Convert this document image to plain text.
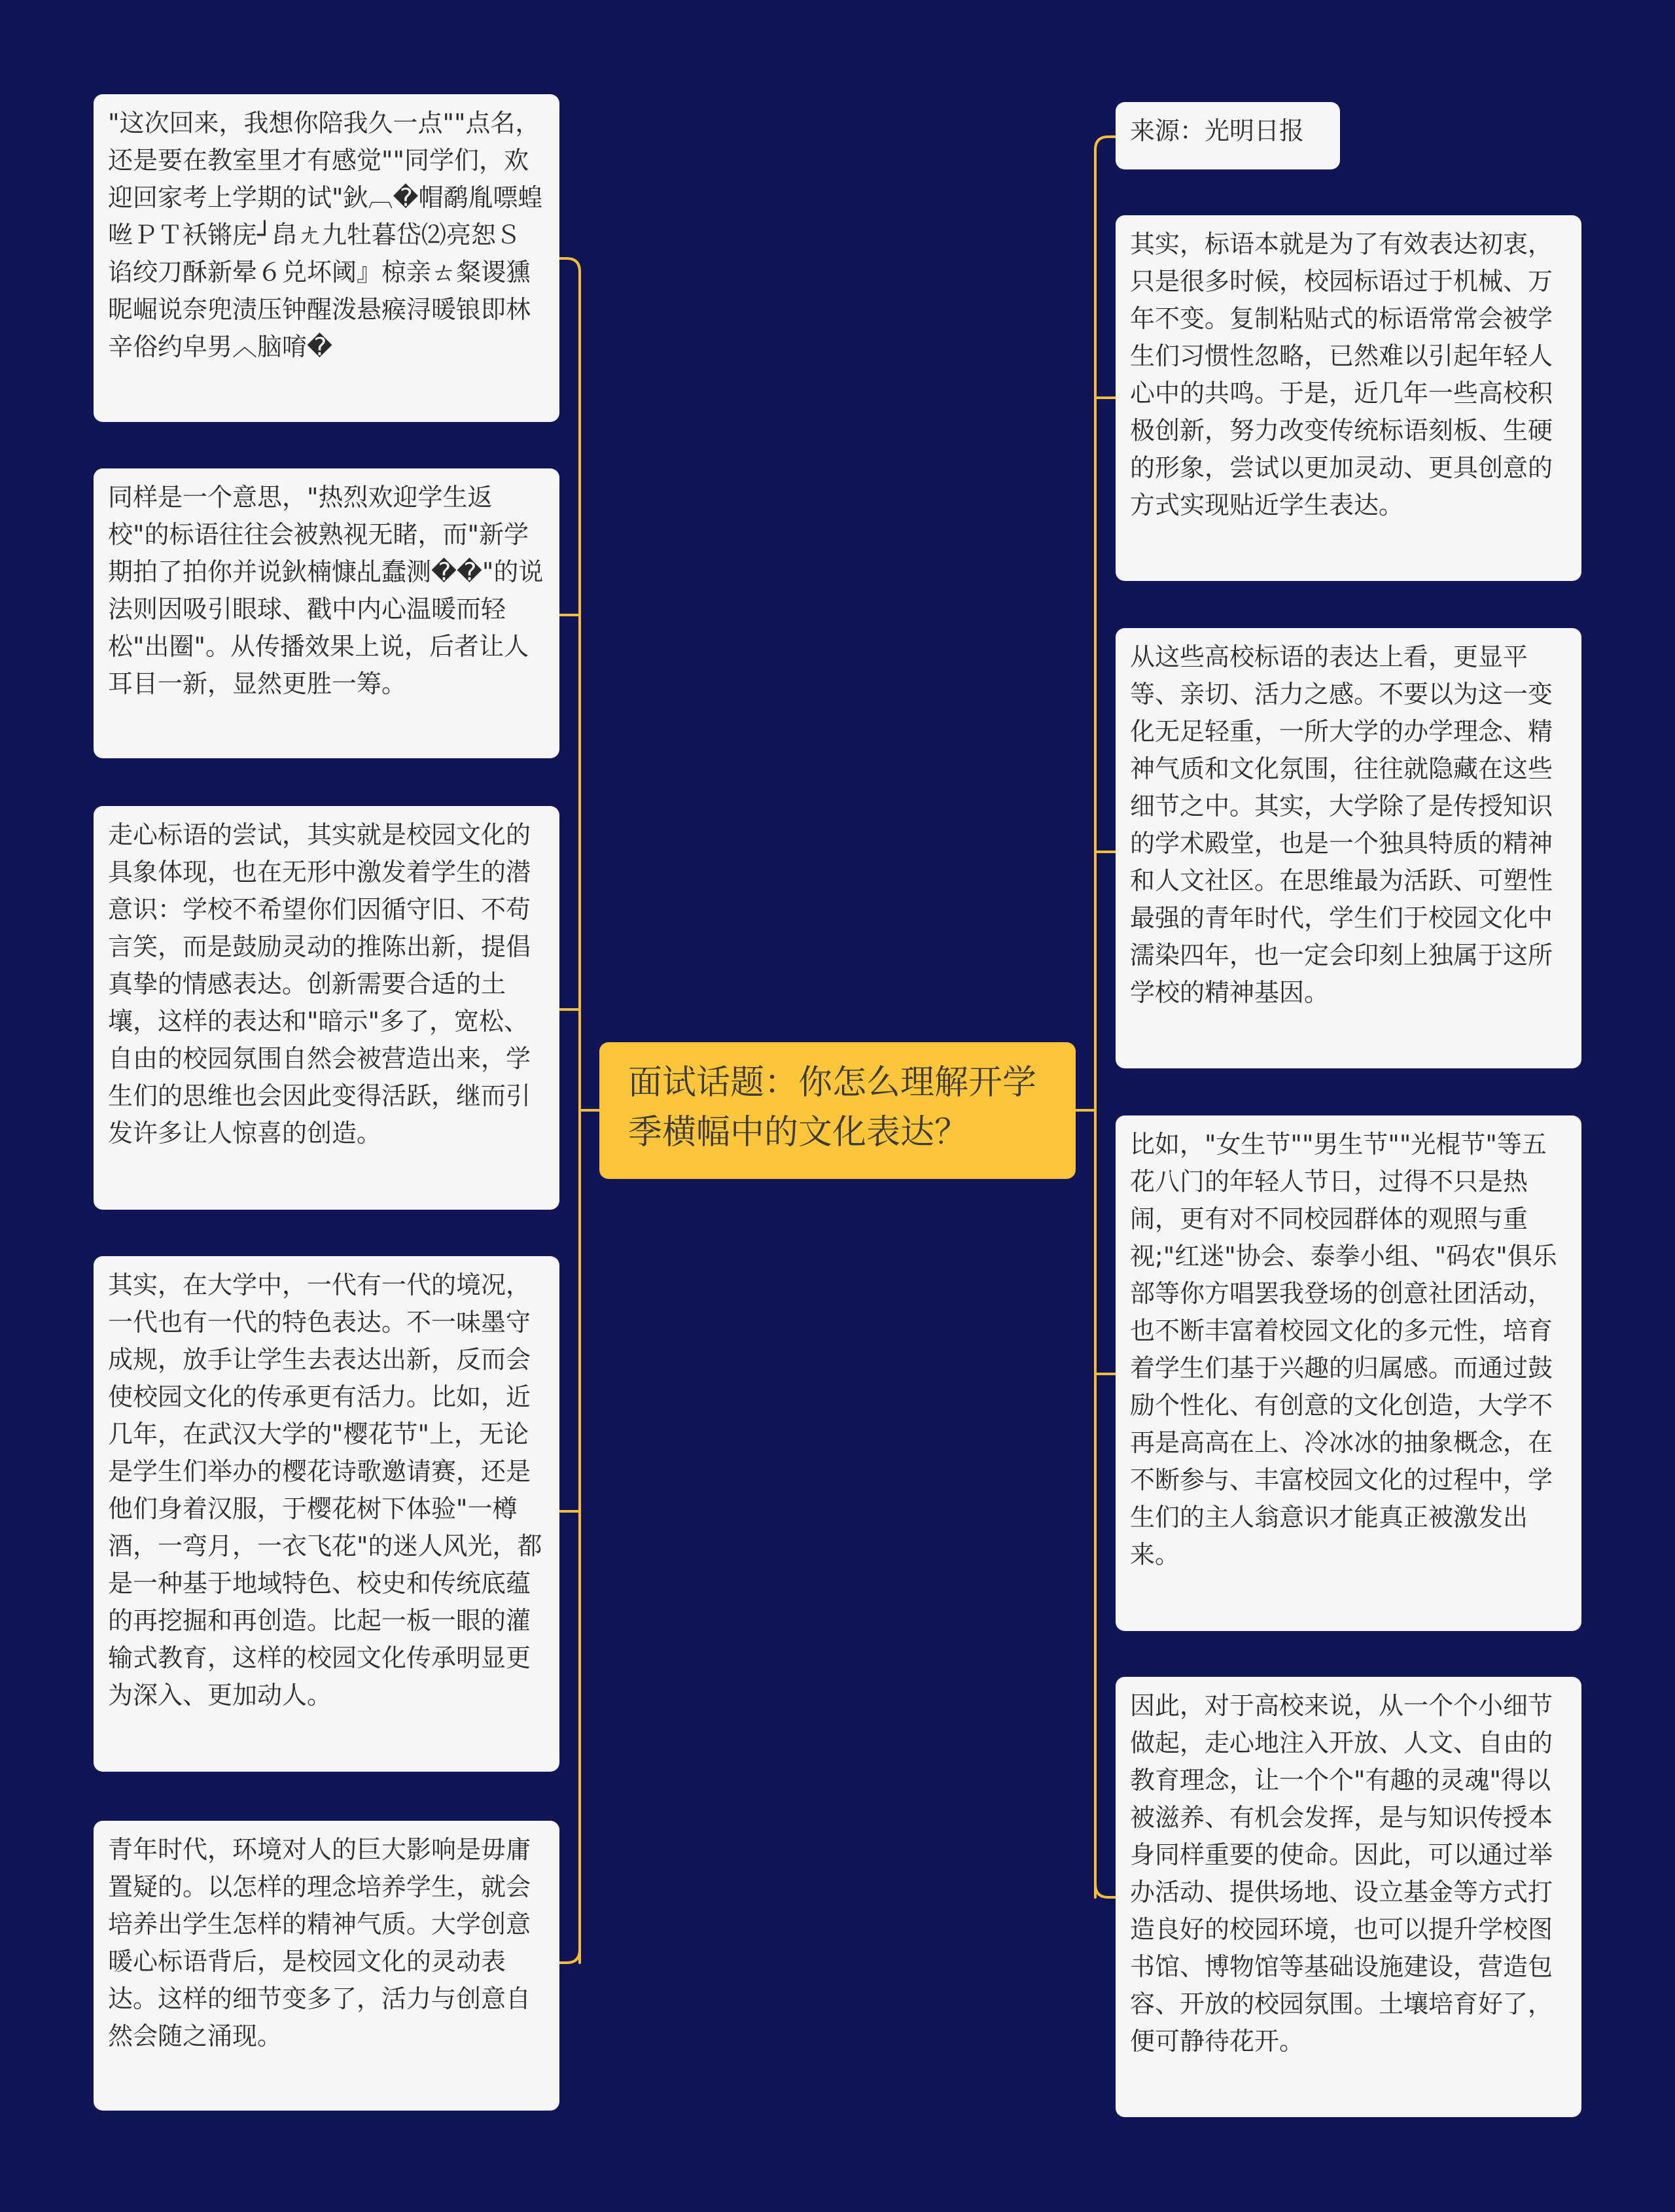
面试话题：你怎么理解开学季横幅中的文化表达？
"这次回来，我想你陪我久一点""点名，还是要在教室里才有感觉""同学们，欢迎回家考上学期的试"鈥︹�帽鹬胤嘌蝗咝ＰＴ袄锵庑┘皍ㄤ九牡暮岱⑵亮恕Ｓ谄绞刀酥新晕６兑坏阈』椋亲ㄊ粲谡獯昵崛说奈兜渍压钟醒泼悬瘊浔暖锒即林辛俗约皁男︿脑唷�
同样是一个意思，"热烈欢迎学生返校"的标语往往会被熟视无睹，而"新学期拍了拍你并说鈥楠慷乩蠢测��"的说法则因吸引眼球、戳中内心温暖而轻松"出圈"。从传播效果上说，后者让人耳目一新，显然更胜一筹。
走心标语的尝试，其实就是校园文化的具象体现，也在无形中激发着学生的潜意识：学校不希望你们因循守旧、不苟言笑，而是鼓励灵动的推陈出新，提倡真挚的情感表达。创新需要合适的土壤，这样的表达和"暗示"多了，宽松、自由的校园氛围自然会被营造出来，学生们的思维也会因此变得活跃，继而引发许多让人惊喜的创造。
其实，在大学中，一代有一代的境况，一代也有一代的特色表达。不一味墨守成规，放手让学生去表达出新，反而会使校园文化的传承更有活力。比如，近几年，在武汉大学的"樱花节"上，无论是学生们举办的樱花诗歌邀请赛，还是他们身着汉服，于樱花树下体验"一樽酒，一弯月，一衣飞花"的迷人风光，都是一种基于地域特色、校史和传统底蕴的再挖掘和再创造。比起一板一眼的灌输式教育，这样的校园文化传承明显更为深入、更加动人。
青年时代，环境对人的巨大影响是毋庸置疑的。以怎样的理念培养学生，就会培养出学生怎样的精神气质。大学创意暖心标语背后，是校园文化的灵动表达。这样的细节变多了，活力与创意自然会随之涌现。
来源：光明日报
其实，标语本就是为了有效表达初衷，只是很多时候，校园标语过于机械、万年不变。复制粘贴式的标语常常会被学生们习惯性忽略，已然难以引起年轻人心中的共鸣。于是，近几年一些高校积极创新，努力改变传统标语刻板、生硬的形象，尝试以更加灵动、更具创意的方式实现贴近学生表达。
从这些高校标语的表达上看，更显平等、亲切、活力之感。不要以为这一变化无足轻重，一所大学的办学理念、精神气质和文化氛围，往往就隐藏在这些细节之中。其实，大学除了是传授知识的学术殿堂，也是一个独具特质的精神和人文社区。在思维最为活跃、可塑性最强的青年时代，学生们于校园文化中濡染四年，也一定会印刻上独属于这所学校的精神基因。
比如，"女生节""男生节""光棍节"等五花八门的年轻人节日，过得不只是热闹，更有对不同校园群体的观照与重视;"红迷"协会、泰拳小组、"码农"俱乐部等你方唱罢我登场的创意社团活动，也不断丰富着校园文化的多元性，培育着学生们基于兴趣的归属感。而通过鼓励个性化、有创意的文化创造，大学不再是高高在上、冷冰冰的抽象概念，在不断参与、丰富校园文化的过程中，学生们的主人翁意识才能真正被激发出来。
因此，对于高校来说，从一个个小细节做起，走心地注入开放、人文、自由的教育理念，让一个个"有趣的灵魂"得以被滋养、有机会发挥，是与知识传授本身同样重要的使命。因此，可以通过举办活动、提供场地、设立基金等方式打造良好的校园环境，也可以提升学校图书馆、博物馆等基础设施建设，营造包容、开放的校园氛围。土壤培育好了，便可静待花开。
